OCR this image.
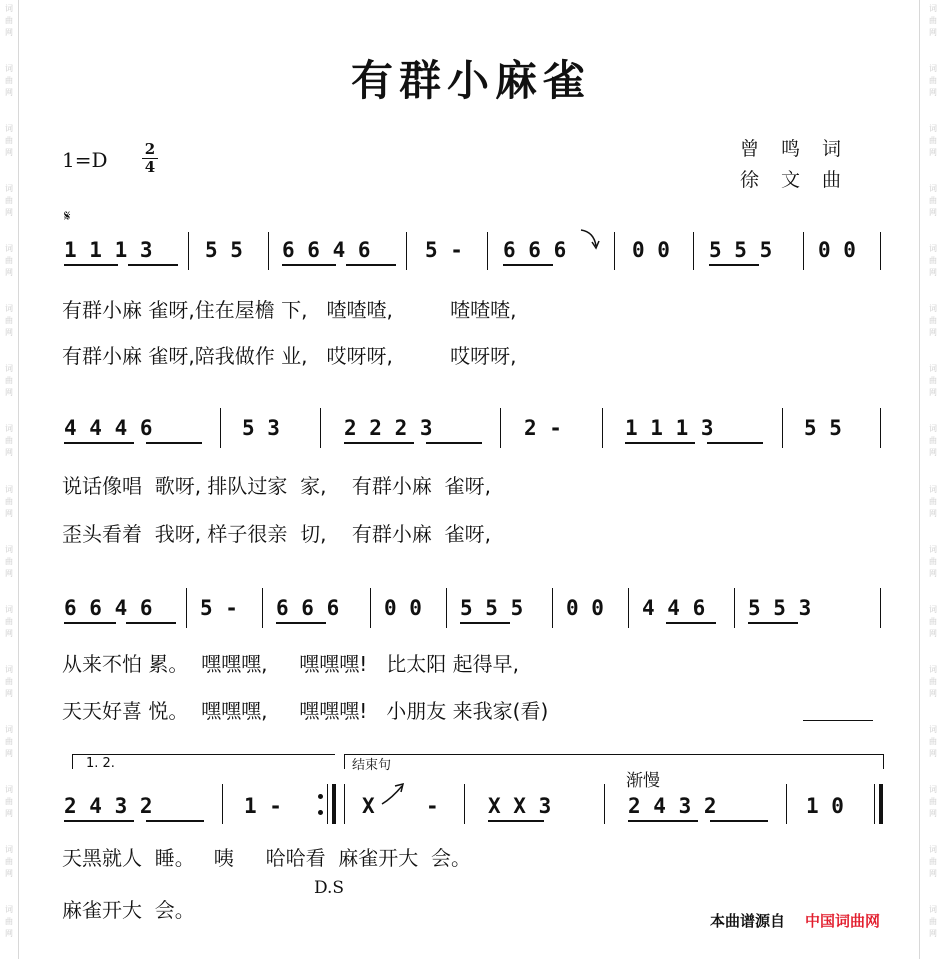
词
曲
网
词
曲
网
词
曲
网
词
曲
网
词
曲
网
词
曲
网
词
曲
网
词
曲
网
词
曲
网
词
曲
网
词
曲
网
词
曲
网
词
曲
网
词
曲
网
词
曲
网
词
曲
网
词
曲
网
词
曲
网
词
曲
网
词
曲
网
词
曲
网
词
曲
网
词
曲
网
词
曲
网
词
曲
网
词
曲
网
词
曲
网
词
曲
网
词
曲
网
词
曲
网
词
曲
网
词
曲
网
有群小麻雀
1=D 2
4
曾鸣词
徐文曲
𝄋
1 1 1 3 5 5 6 6 4 6	5 - 6 6 6	0 0 5 5 5 0 0
有群小麻 雀呀,住在屋檐 下,   喳喳喳,         喳喳喳,
有群小麻 雀呀,陪我做作 业,   哎呀呀,         哎呀呀,
4 4 4 6	5 3	2 2 2 3	2 -	1 1 1 3	5 5
说话像唱  歌呀, 排队过家  家,    有群小麻  雀呀,
歪头看着  我呀, 样子很亲  切,    有群小麻  雀呀,
6 6 4 6 5 - 6 6 6 0 0 5 5 5 0 0 4 4 6 5 5 3
从来不怕 累。  嘿嘿嘿,     嘿嘿嘿!   比太阳 起得早,
天天好喜 悦。  嘿嘿嘿,     嘿嘿嘿!   小朋友 来我家(看)
1. 2.	结束句
渐慢
2 4 3 2	1 -	X - X X 3	2 4 3 2	1 0
天黑就人  睡。   咦     哈哈看  麻雀开大  会。
麻雀开大  会。
D.S
本曲谱源自 中国词曲网
